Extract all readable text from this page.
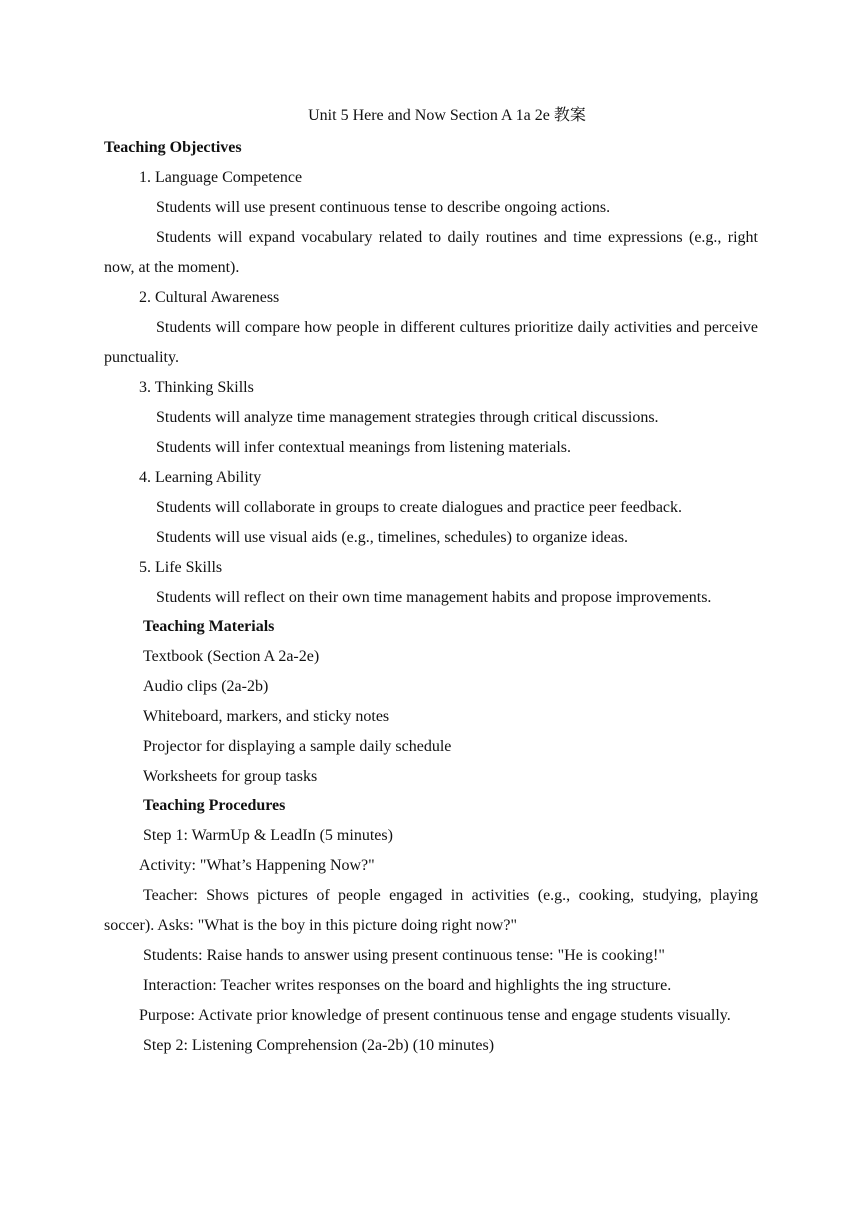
Unit 5 Here and Now Section A 1a 2e 教案
Teaching Objectives
1. Language Competence
Students will use present continuous tense to describe ongoing actions.
Students will expand vocabulary related to daily routines and time expressions (e.g., right now, at the moment).
2. Cultural Awareness
Students will compare how people in different cultures prioritize daily activities and perceive punctuality.
3. Thinking Skills
Students will analyze time management strategies through critical discussions.
Students will infer contextual meanings from listening materials.
4. Learning Ability
Students will collaborate in groups to create dialogues and practice peer feedback.
Students will use visual aids (e.g., timelines, schedules) to organize ideas.
5. Life Skills
Students will reflect on their own time management habits and propose improvements.
Teaching Materials
Textbook (Section A 2a-2e)
Audio clips (2a-2b)
Whiteboard, markers, and sticky notes
Projector for displaying a sample daily schedule
Worksheets for group tasks
Teaching Procedures
Step 1: WarmUp & LeadIn (5 minutes)
Activity: "What’s Happening Now?"
Teacher: Shows pictures of people engaged in activities (e.g., cooking, studying, playing soccer). Asks: "What is the boy in this picture doing right now?"
Students: Raise hands to answer using present continuous tense: "He is cooking!"
Interaction: Teacher writes responses on the board and highlights the ing structure.
Purpose: Activate prior knowledge of present continuous tense and engage students visually.
Step 2: Listening Comprehension (2a-2b) (10 minutes)
